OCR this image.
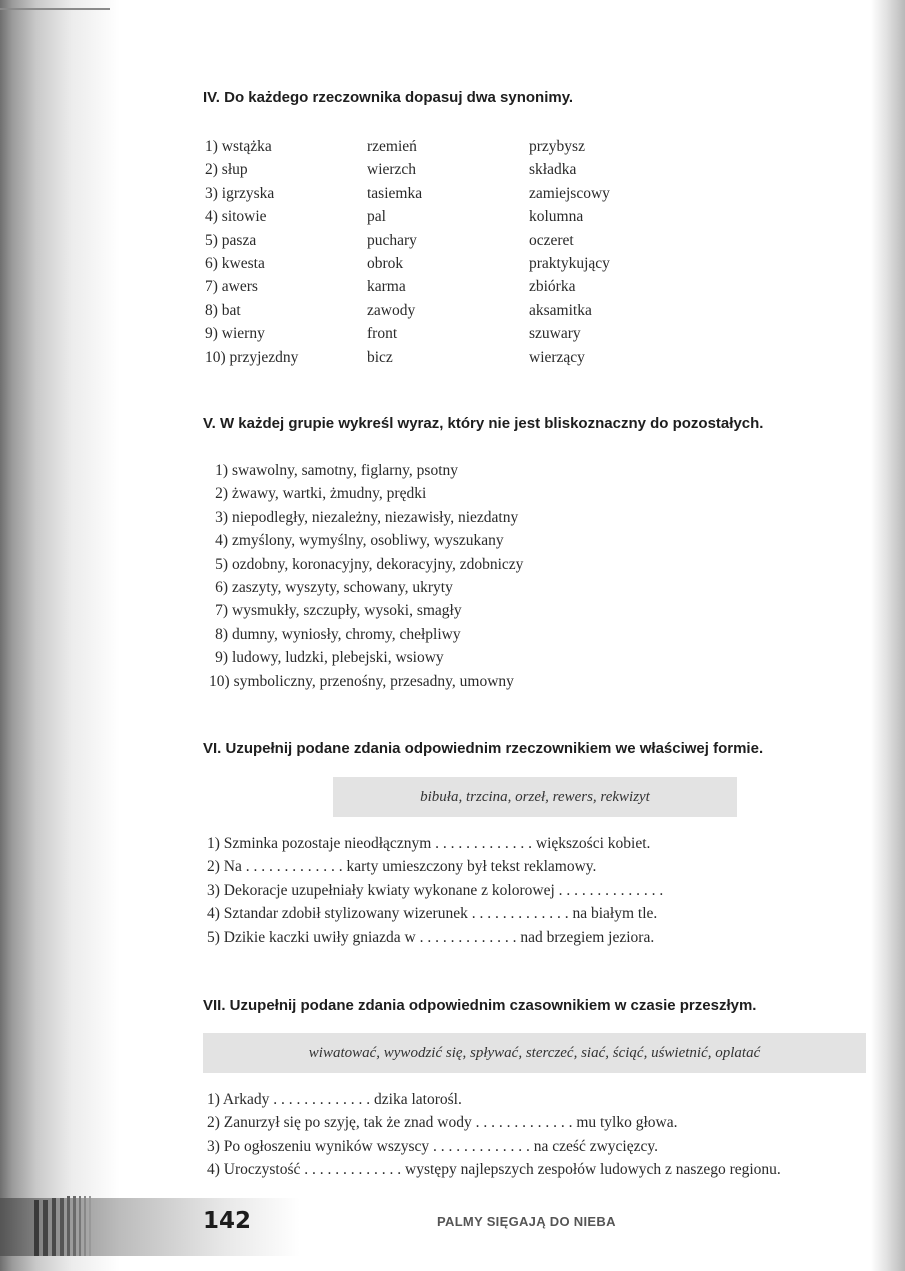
IV. Do każdego rzeczownika dopasuj dwa synonimy.
1) wstążka
2) słup
3) igrzyska
4) sitowie
5) pasza
6) kwesta
7) awers
8) bat
9) wierny
10) przyjezdny
rzemień
wierzch
tasiemka
pal
puchary
obrok
karma
zawody
front
bicz
przybysz
składka
zamiejscowy
kolumna
oczeret
praktykujący
zbiórka
aksamitka
szuwary
wierzący
V. W każdej grupie wykreśl wyraz, który nie jest bliskoznaczny do pozostałych.
1) swawolny, samotny, figlarny, psotny
2) żwawy, wartki, żmudny, prędki
3) niepodległy, niezależny, niezawisły, niezdatny
4) zmyślony, wymyślny, osobliwy, wyszukany
5) ozdobny, koronacyjny, dekoracyjny, zdobniczy
6) zaszyty, wyszyty, schowany, ukryty
7) wysmukły, szczupły, wysoki, smagły
8) dumny, wyniosły, chromy, chełpliwy
9) ludowy, ludzki, plebejski, wsiowy
10) symboliczny, przenośny, przesadny, umowny
VI. Uzupełnij podane zdania odpowiednim rzeczownikiem we właściwej formie.
bibuła, trzcina, orzeł, rewers, rekwizyt
1) Szminka pozostaje nieodłącznym . . . . . . . . . . . . . większości kobiet.
2) Na . . . . . . . . . . . . . karty umieszczony był tekst reklamowy.
3) Dekoracje uzupełniały kwiaty wykonane z kolorowej . . . . . . . . . . . . . .
4) Sztandar zdobił stylizowany wizerunek . . . . . . . . . . . . . na białym tle.
5) Dzikie kaczki uwiły gniazda w . . . . . . . . . . . . . nad brzegiem jeziora.
VII. Uzupełnij podane zdania odpowiednim czasownikiem w czasie przeszłym.
wiwatować, wywodzić się, spływać, sterczeć, siać, ściąć, uświetnić, oplatać
1) Arkady . . . . . . . . . . . . . dzika latorośl.
2) Zanurzył się po szyję, tak że znad wody . . . . . . . . . . . . . mu tylko głowa.
3) Po ogłoszeniu wyników wszyscy . . . . . . . . . . . . . na cześć zwycięzcy.
4) Uroczystość . . . . . . . . . . . . . występy najlepszych zespołów ludowych z naszego regionu.
142	PALMY SIĘGAJĄ DO NIEBA
